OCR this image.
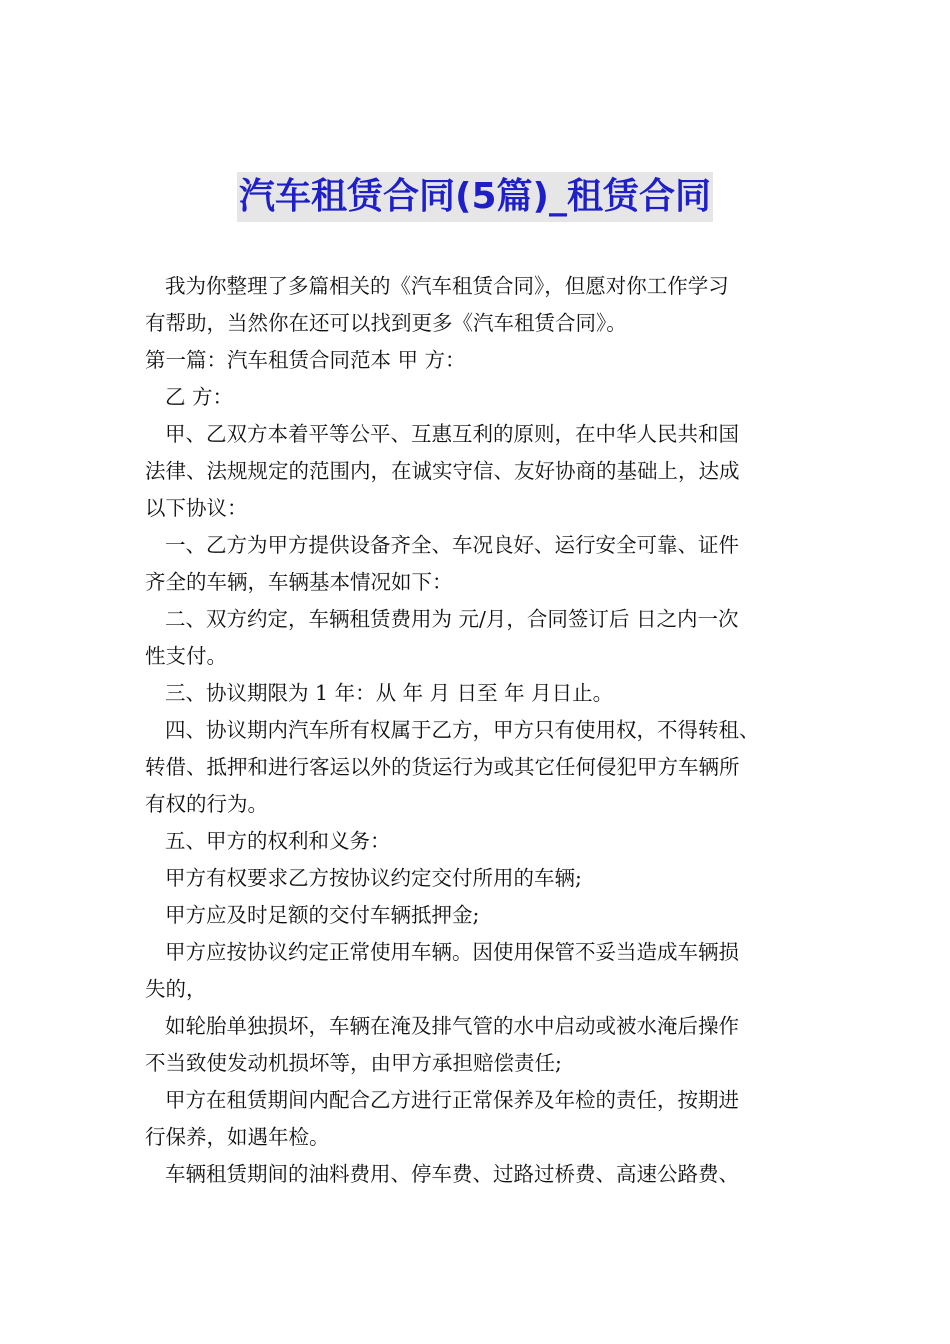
汽车租赁合同(5篇)_租赁合同

我为你整理了多篇相关的《汽车租赁合同》，但愿对你工作学习

有帮助，当然你在还可以找到更多《汽车租赁合同》。

第一篇：汽车租赁合同范本 甲 方：

乙 方：

甲、乙双方本着平等公平、互惠互利的原则，在中华人民共和国

法律、法规规定的范围内，在诚实守信、友好协商的基础上，达成

以下协议：

一、乙方为甲方提供设备齐全、车况良好、运行安全可靠、证件

齐全的车辆，车辆基本情况如下：

二、双方约定，车辆租赁费用为 元/月，合同签订后 日之内一次

性支付。

三、协议期限为 1 年：从 年 月 日至 年 月日止。

四、协议期内汽车所有权属于乙方，甲方只有使用权，不得转租、

转借、抵押和进行客运以外的货运行为或其它任何侵犯甲方车辆所

有权的行为。

五、甲方的权利和义务：

甲方有权要求乙方按协议约定交付所用的车辆;

甲方应及时足额的交付车辆抵押金;

甲方应按协议约定正常使用车辆。因使用保管不妥当造成车辆损

失的，

如轮胎单独损坏，车辆在淹及排气管的水中启动或被水淹后操作

不当致使发动机损坏等，由甲方承担赔偿责任;

甲方在租赁期间内配合乙方进行正常保养及年检的责任，按期进

行保养，如遇年检。

车辆租赁期间的油料费用、停车费、过路过桥费、高速公路费、
